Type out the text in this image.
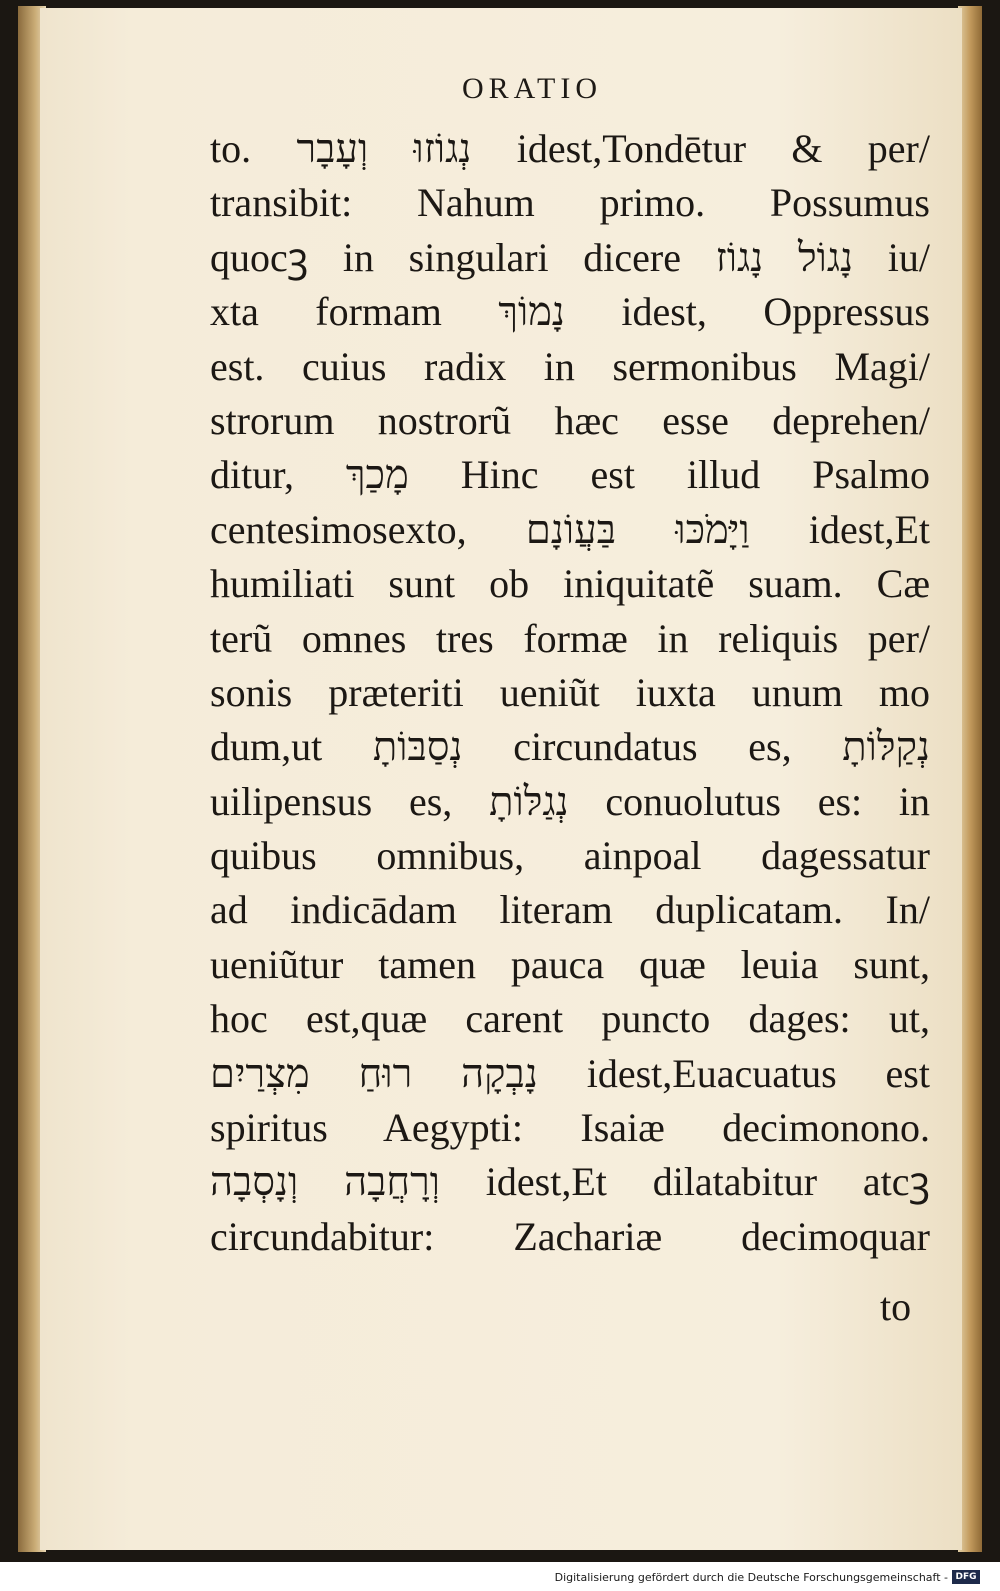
ORATIO
to. נְגוֹזוּ וְעָבָר idest,Tondētur & per/
transibit: Nahum primo. Possumus
quocꝫ in singulari dicere נָגוֹל נָגוֹז iu/
xta formam נָמוֹךְ idest, Oppressus
est. cuius radix in sermonibus Magi/
strorum nostrorũ hæc esse deprehen/
ditur, מָכַךְ Hinc est illud Psalmo
centesimosexto, וַיָּמֹכּוּ בַּעֲוֹנָם idest,Et
humiliati sunt ob iniquitatẽ suam. Cæ
terũ omnes tres formæ in reliquis per/
sonis præteriti ueniũt iuxta unum mo
dum,ut נְסַבּוֹתָ circundatus es, נְקַלּוֹתָ
uilipensus es, נְגַלּוֹתָ conuolutus es: in
quibus omnibus, ainpoal dagessatur
ad indicādam literam duplicatam. In/
ueniũtur tamen pauca quæ leuia sunt,
hoc est,quæ carent puncto dages: ut,
נָבְקָה רוּחַ מִצְרַיִם idest,Euacuatus est
spiritus Aegypti: Isaiæ decimonono.
וְרָחֲבָה וְנָסְבָה idest,Et dilatabitur atcꝫ
circundabitur: Zachariæ decimoquar
to
Digitalisierung gefördert durch die Deutsche Forschungsgemeinschaft - DFG
